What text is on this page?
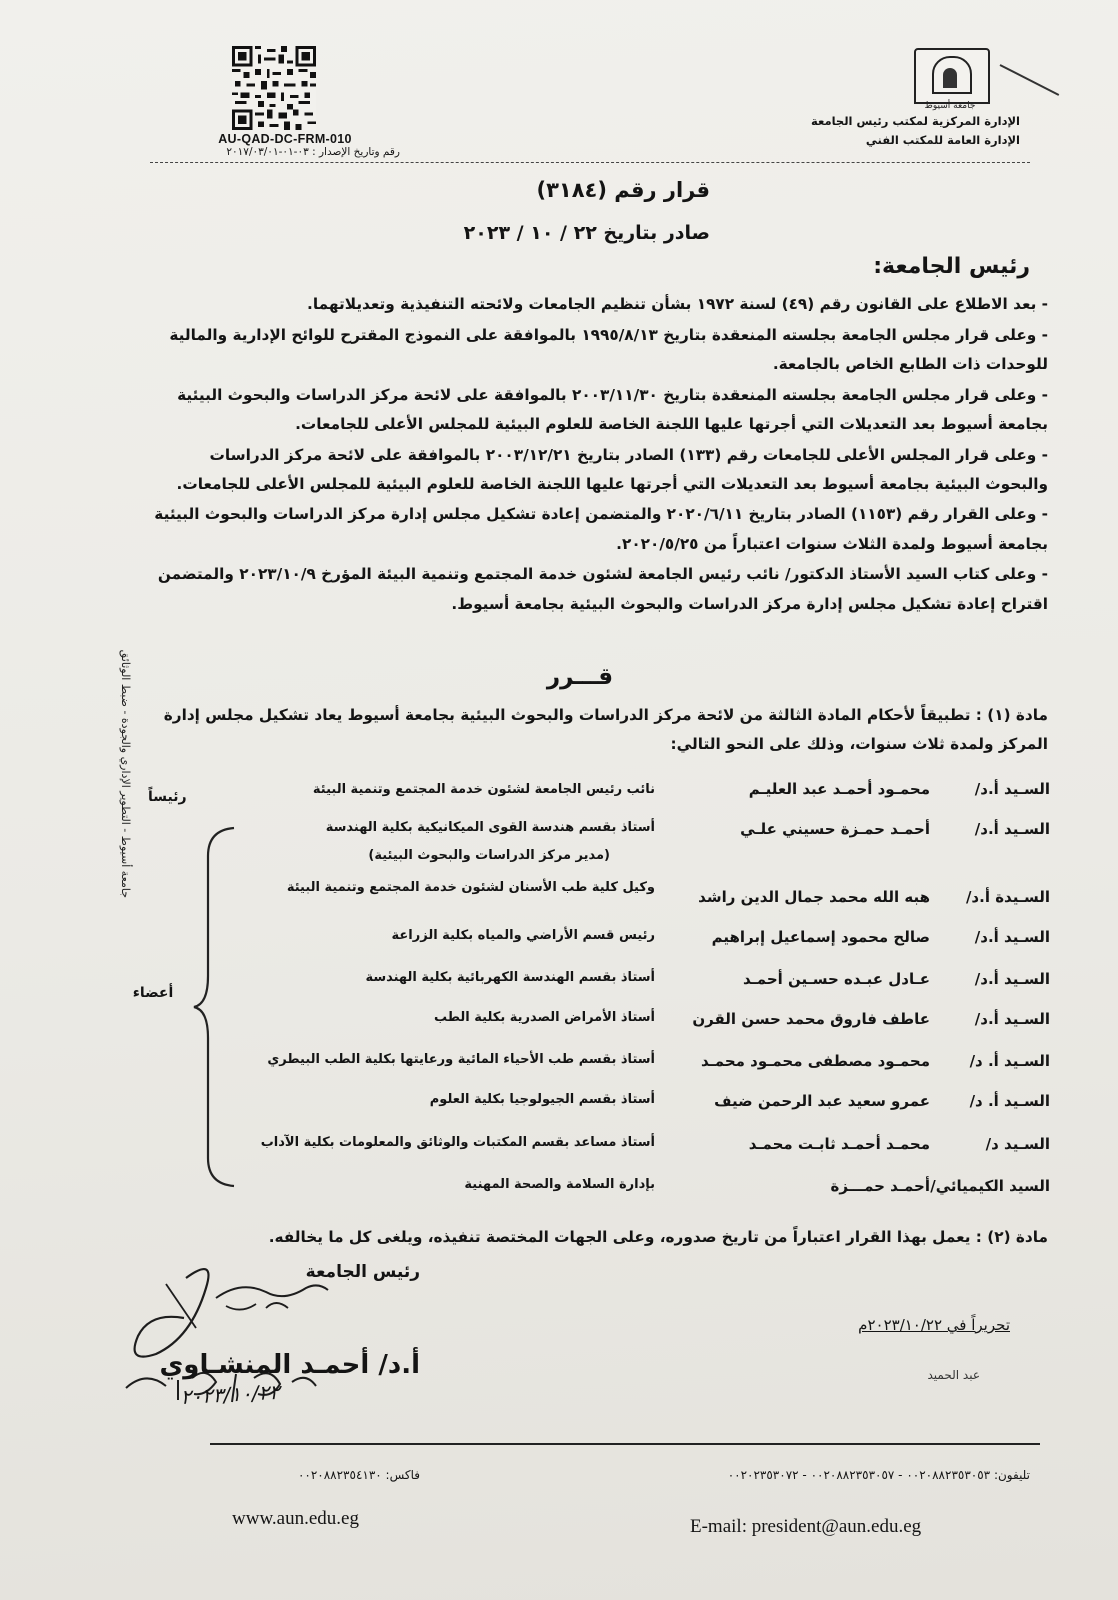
جامعة أسيوط
الإدارة المركزية لمكتب رئيس الجامعة
الإدارة العامة للمكتب الفني
AU-QAD-DC-FRM-010
رقم وتاريخ الإصدار : ٠٣-٠١-٢٠١٧/٠٣/٠١
قرار رقم (٣١٨٤)
صادر بتاريخ ٢٢ / ١٠ / ٢٠٢٣
رئيس الجامعة:

- بعد الاطلاع على القانون رقم (٤٩) لسنة ١٩٧٢ بشأن تنظيم الجامعات ولائحته التنفيذية وتعديلاتهما.

- وعلى قرار مجلس الجامعة بجلسته المنعقدة بتاريخ ١٩٩٥/٨/١٣ بالموافقة على النموذج المقترح للوائح الإدارية والمالية للوحدات ذات الطابع الخاص بالجامعة.

- وعلى قرار مجلس الجامعة بجلسته المنعقدة بتاريخ ٢٠٠٣/١١/٣٠ بالموافقة على لائحة مركز الدراسات والبحوث البيئية بجامعة أسيوط بعد التعديلات التي أجرتها عليها اللجنة الخاصة للعلوم البيئية للمجلس الأعلى للجامعات.

- وعلى قرار المجلس الأعلى للجامعات رقم (١٣٣) الصادر بتاريخ ٢٠٠٣/١٢/٢١ بالموافقة على لائحة مركز الدراسات والبحوث البيئية بجامعة أسيوط بعد التعديلات التي أجرتها عليها اللجنة الخاصة للعلوم البيئية للمجلس الأعلى للجامعات.

- وعلى القرار رقم (١١٥٣) الصادر بتاريخ ٢٠٢٠/٦/١١ والمتضمن إعادة تشكيل مجلس إدارة مركز الدراسات والبحوث البيئية بجامعة أسيوط ولمدة الثلاث سنوات اعتباراً من ٢٠٢٠/٥/٢٥.

- وعلى كتاب السيد الأستاذ الدكتور/ نائب رئيس الجامعة لشئون خدمة المجتمع وتنمية البيئة المؤرخ ٢٠٢٣/١٠/٩ والمتضمن اقتراح إعادة تشكيل مجلس إدارة مركز الدراسات والبحوث البيئية بجامعة أسيوط.

جامعة أسيوط - التطوير الإداري والجودة - ضبط الوثائق	قـــرر
مادة (١) : تطبيقاً لأحكام المادة الثالثة من لائحة مركز الدراسات والبحوث البيئية بجامعة أسيوط يعاد تشكيل مجلس إدارة المركز ولمدة ثلاث سنوات، وذلك على النحو التالي:
السـيد أ.د/
محمـود أحمـد عبد العليـم
نائب رئيس الجامعة لشئون خدمة المجتمع وتنمية البيئة
السـيد أ.د/
أحمـد حمـزة حسيني علـي
أستاذ بقسم هندسة القوى الميكانيكية بكلية الهندسة
(مدير مركز الدراسات والبحوث البيئية)
السـيدة أ.د/
هبه الله محمد جمال الدين راشد
وكيل كلية طب الأسنان لشئون خدمة المجتمع وتنمية البيئة
السـيد أ.د/
صالح محمود إسماعيل إبراهيم
رئيس قسم الأراضي والمياه بكلية الزراعة
السـيد أ.د/
عـادل عبـده حسـين أحمـد
أستاذ بقسم الهندسة الكهربائية بكلية الهندسة
السـيد أ.د/
عاطف فاروق محمد حسن القرن
أستاذ الأمراض الصدرية بكلية الطب
السـيد أ. د/
محمـود مصطفى محمـود محمـد
أستاذ بقسم طب الأحياء المائية ورعايتها بكلية الطب البيطري
السـيد أ. د/
عمرو سعيد عبد الرحمن ضيف
أستاذ بقسم الجيولوجيا بكلية العلوم
السـيد د/
محمـد أحمـد ثابـت محمـد
أستاذ مساعد بقسم المكتبات والوثائق والمعلومات بكلية الآداب
السيد الكيميائي/
أحمـد حمـــزة
بإدارة السلامة والصحة المهنية
رئيساً
أعضاء
مادة (٢) : يعمل بهذا القرار اعتباراً من تاريخ صدوره، وعلى الجهات المختصة تنفيذه، ويلغى كل ما يخالفه.
رئيس الجامعة
أ.د/ أحمـد المنشـاوي
٢٠٢٣/١٠/٢٢
تحريراً في ٢٠٢٣/١٠/٢٢م
عبد الحميد
تليفون: ٠٠٢٠٨٨٢٣٥٣٠٥٣ - ٠٠٢٠٨٨٢٣٥٣٠٥٧ - ٠٠٢٠٢٣٥٣٠٧٢
فاكس: ٠٠٢٠٨٨٢٣٥٤١٣٠
www.aun.edu.eg	E-mail: president@aun.edu.eg
